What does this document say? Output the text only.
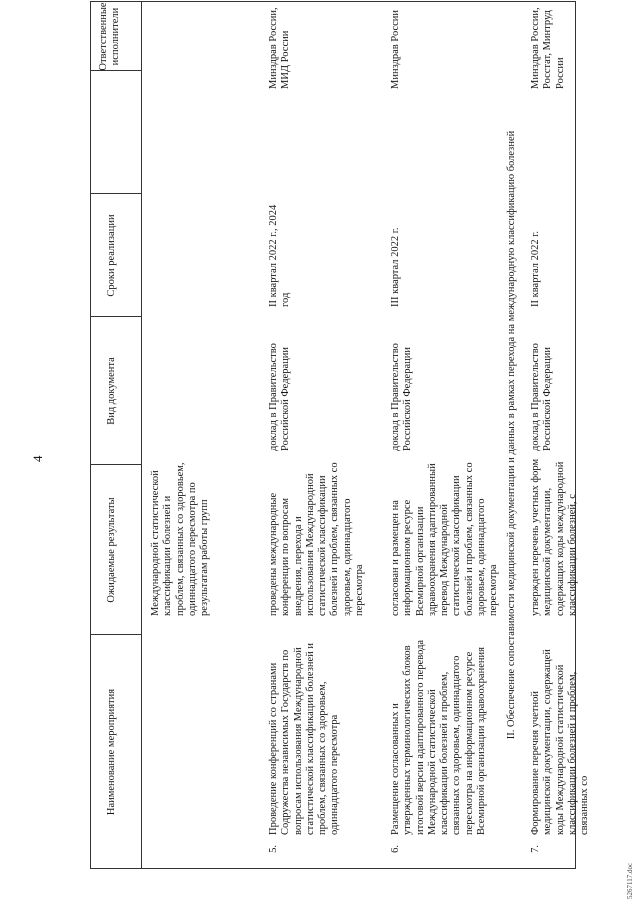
4
Наименование мероприятия
Ожидаемые результаты
Вид документа
Сроки реализации
Ответственные исполнители
Международной статистической классификации болезней и проблем, связанных со здоровьем, одиннадцатого пересмотра по результатам работы групп
5.
Проведение конференций со странами Содружества независимых Государств по вопросам использования Международной статистической классификации болезней и проблем, связанных со здоровьем, одиннадцатого пересмотра
проведены международные конференции по вопросам внедрения, перехода и использования Международной статистической классификации болезней и проблем, связанных со здоровьем, одиннадцатого пересмотра
доклад в Правительство Российской Федерации
II квартал 2022 г., 2024 год
Минздрав России, МИД России
6.
Размещение согласованных и утвержденных терминологических блоков итоговой версии адаптированного перевода Международной статистической классификации болезней и проблем, связанных со здоровьем, одиннадцатого пересмотра на информационном ресурсе Всемирной организации здравоохранения
согласован и размещен на информационном ресурсе Всемирной организации здравоохранения адаптированный перевод Международной статистической классификации болезней и проблем, связанных со здоровьем, одиннадцатого пересмотра
доклад в Правительство Российской Федерации
III квартал 2022 г.
Минздрав России
II. Обеспечение сопоставимости медицинской документации и данных в рамках перехода на международную классификацию болезней
7.
Формирование перечня учетной медицинской документации, содержащей коды Международной статистической классификации болезней и проблем, связанных со
утвержден перечень учетных форм медицинской документации, содержащих коды международной классификации болезней, с
доклад в Правительство Российской Федерации
II квартал 2022 г.
Минздрав России, Росстат, Минтруд России
5267117.doc
